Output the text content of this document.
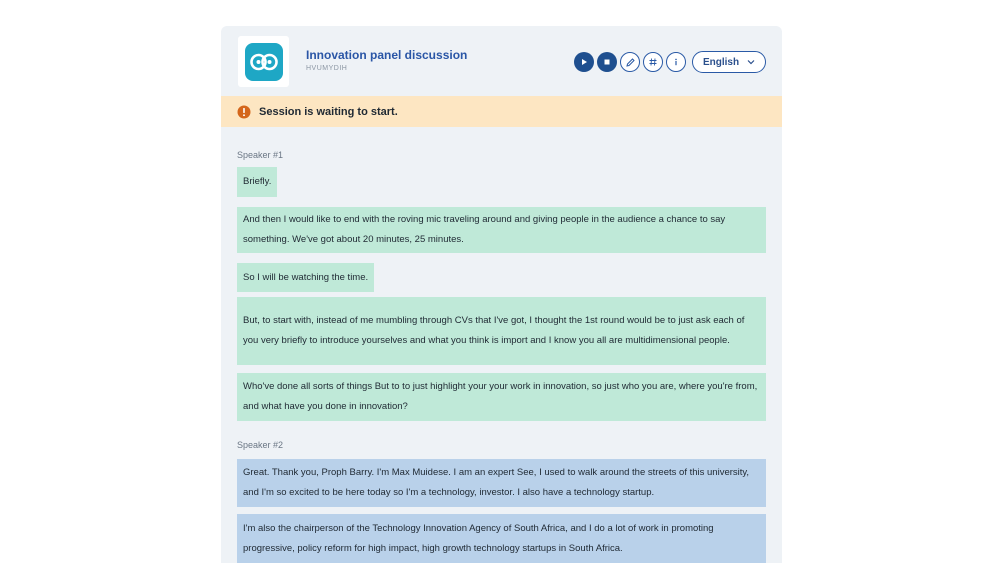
Innovation panel discussion
HVUMYDIH
English
Session is waiting to start.
Speaker #1
Briefly.
And then I would like to end with the roving mic traveling around and giving people in the audience a chance to say something. We've got about 20 minutes, 25 minutes.
So I will be watching the time.
But, to start with, instead of me mumbling through CVs that I've got, I thought the 1st round would be to just ask each of you very briefly to introduce yourselves and what you think is import and I know you all are multidimensional people.
Who've done all sorts of things But to to just highlight your your work in innovation, so just who you are, where you're from, and what have you done in innovation?
Speaker #2
Great. Thank you, Proph Barry. I'm Max Muidese. I am an expert See, I used to walk around the streets of this university, and I'm so excited to be here today so I'm a technology, investor. I also have a technology startup.
I'm also the chairperson of the Technology Innovation Agency of South Africa, and I do a lot of work in promoting progressive, policy reform for high impact, high growth technology startups in South Africa.
